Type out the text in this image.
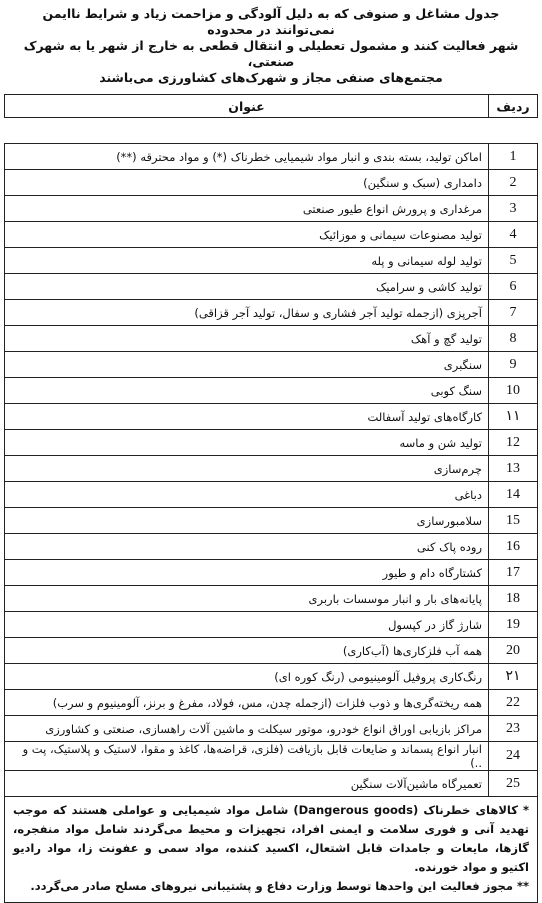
جدول مشاغل و صنوفی که به دلیل آلودگی و مزاحمت زیاد و شرایط ناایمن نمی‌توانند در محدوده
شهر فعالیت کنند و مشمول تعطیلی و انتقال قطعی به خارج از شهر یا به شهرک صنعتی،
مجتمع‌های صنفی مجاز و شهرک‌های کشاورزی می‌باشند
ردیف	عنوان

1	اماکن تولید، بسته بندی و انبار مواد شیمیایی خطرناک (*) و مواد محترقه (**)
2	دامداری (سبک و سنگین)
3	مرغداری و پرورش انواع طیور صنعتی
4	تولید مصنوعات سیمانی و موزائیک
5	تولید لوله سیمانی و پله
6	تولید کاشی و سرامیک
7	آجرپزی (ازجمله تولید آجر فشاری و سفال، تولید آجر قزاقی)
8	تولید گچ و آهک
9	سنگبری
10	سنگ کوبی
١١	کارگاه‌های تولید آسفالت
12	تولید شن و ماسه
13	چرم‌سازی
14	دباغی
15	سلامبورسازی
16	روده پاک کنی
17	کشتارگاه دام و طیور
18	پایانه‌های بار و انبار موسسات باربری
19	شارژ گاز در کپسول
20	همه آب فلزکاری‌ها (آب‌کاری)
٢١	رنگ‌کاری پروفیل آلومینیومی (رنگ کوره ای)
22	همه ریخته‌گری‌ها و ذوب فلزات (ازجمله چدن، مس، فولاد، مفرغ و برنز، آلومینیوم و سرب)
23	مراکز بازیابی اوراق انواع خودرو، موتور سیکلت و ماشین آلات راهسازی، صنعتی و کشاورزی
24	انبار انواع پسماند و ضایعات قابل بازیافت (فلزی، قراضه‌ها، کاغذ و مقوا، لاستیک و پلاستیک، پت و ..)
25	تعمیرگاه ماشین‌آلات سنگین

* کالاهای خطرناک (Dangerous goods) شامل مواد شیمیایی و عواملی هستند که موجب تهدید آنی و فوری سلامت و ایمنی افراد، تجهیزات و محیط می‌گردند شامل مواد منفجره، گازها، مایعات و جامدات قابل اشتعال، اکسید کننده، مواد سمی و عفونت زا، مواد رادیو اکتیو و مواد خورنده.

** مجوز فعالیت این واحدها توسط وزارت دفاع و پشتیبانی نیروهای مسلح صادر می‌گردد.
